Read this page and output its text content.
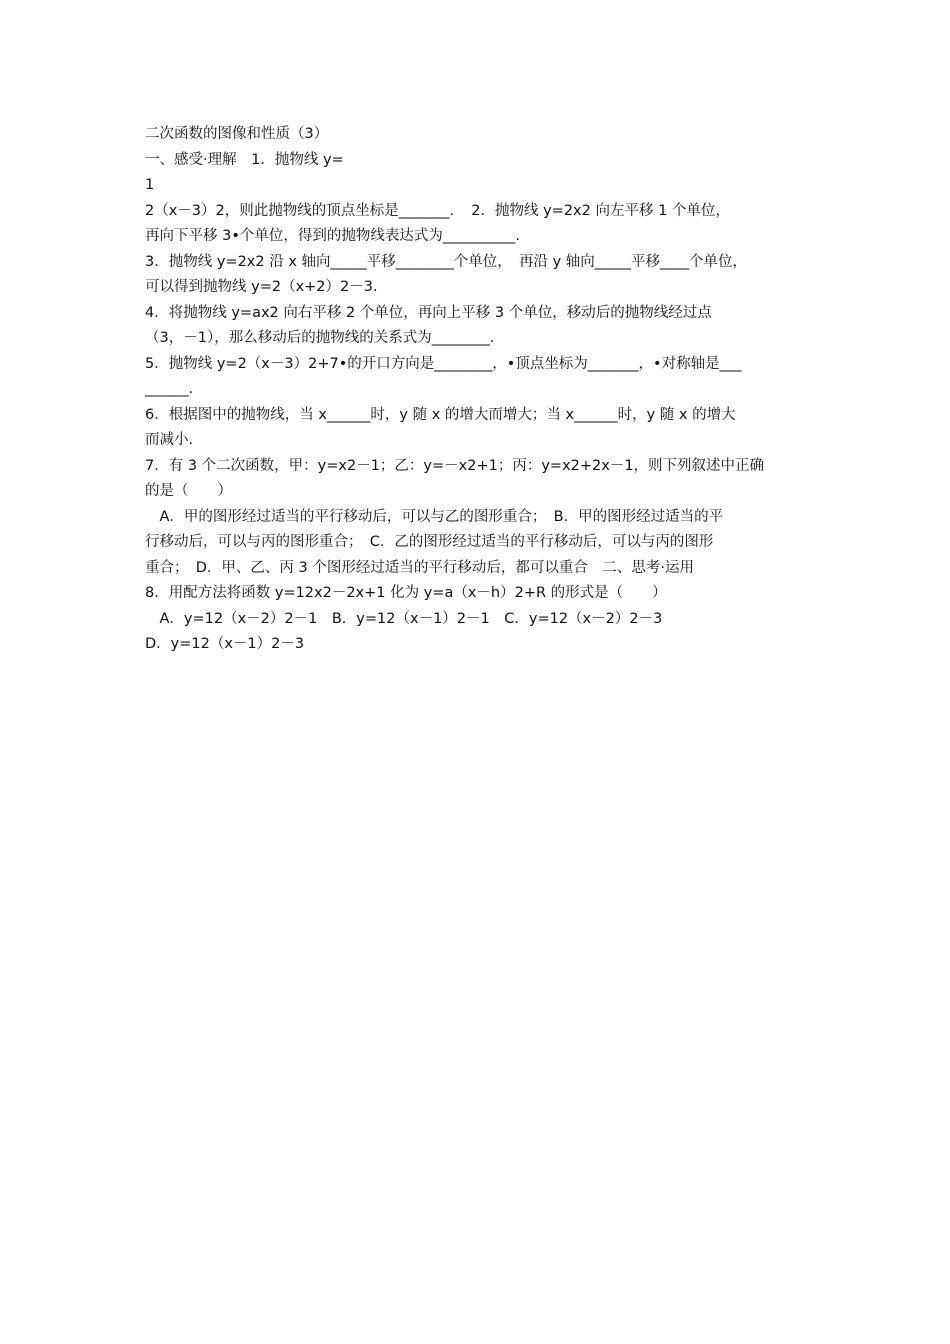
二次函数的图像和性质（3）
一、感受·理解　1．抛物线 y=
1
2（x－3）2，则此抛物线的顶点坐标是_______．　2．抛物线 y=2x2 向左平移 1 个单位，
再向下平移 3•个单位，得到的抛物线表达式为__________.
3．抛物线 y=2x2 沿 x 轴向_____平移________个单位，　再沿 y 轴向_____平移____个单位，
可以得到抛物线 y=2（x+2）2－3.
4．将抛物线 y=ax2 向右平移 2 个单位，再向上平移 3 个单位，移动后的抛物线经过点
（3，－1），那么移动后的抛物线的关系式为________.
5．抛物线 y=2（x－3）2+7•的开口方向是________，•顶点坐标为_______，•对称轴是___
______.
6．根据图中的抛物线，当 x______时，y 随 x 的增大而增大；当 x______时，y 随 x 的增大
而减小.
7．有 3 个二次函数，甲：y=x2－1；乙：y=－x2+1；丙：y=x2+2x－1，则下列叙述中正确
的是（　　）
　A．甲的图形经过适当的平行移动后，可以与乙的图形重合；　B．甲的图形经过适当的平
行移动后，可以与丙的图形重合；　C．乙的图形经过适当的平行移动后，可以与丙的图形
重合；　D．甲、乙、丙 3 个图形经过适当的平行移动后，都可以重合　二、思考·运用
8．用配方法将函数 y=12x2－2x+1 化为 y=a（x－h）2+R 的形式是（　　）
　A．y=12（x－2）2－1　B．y=12（x－1）2－1　C．y=12（x－2）2－3
D．y=12（x－1）2－3
